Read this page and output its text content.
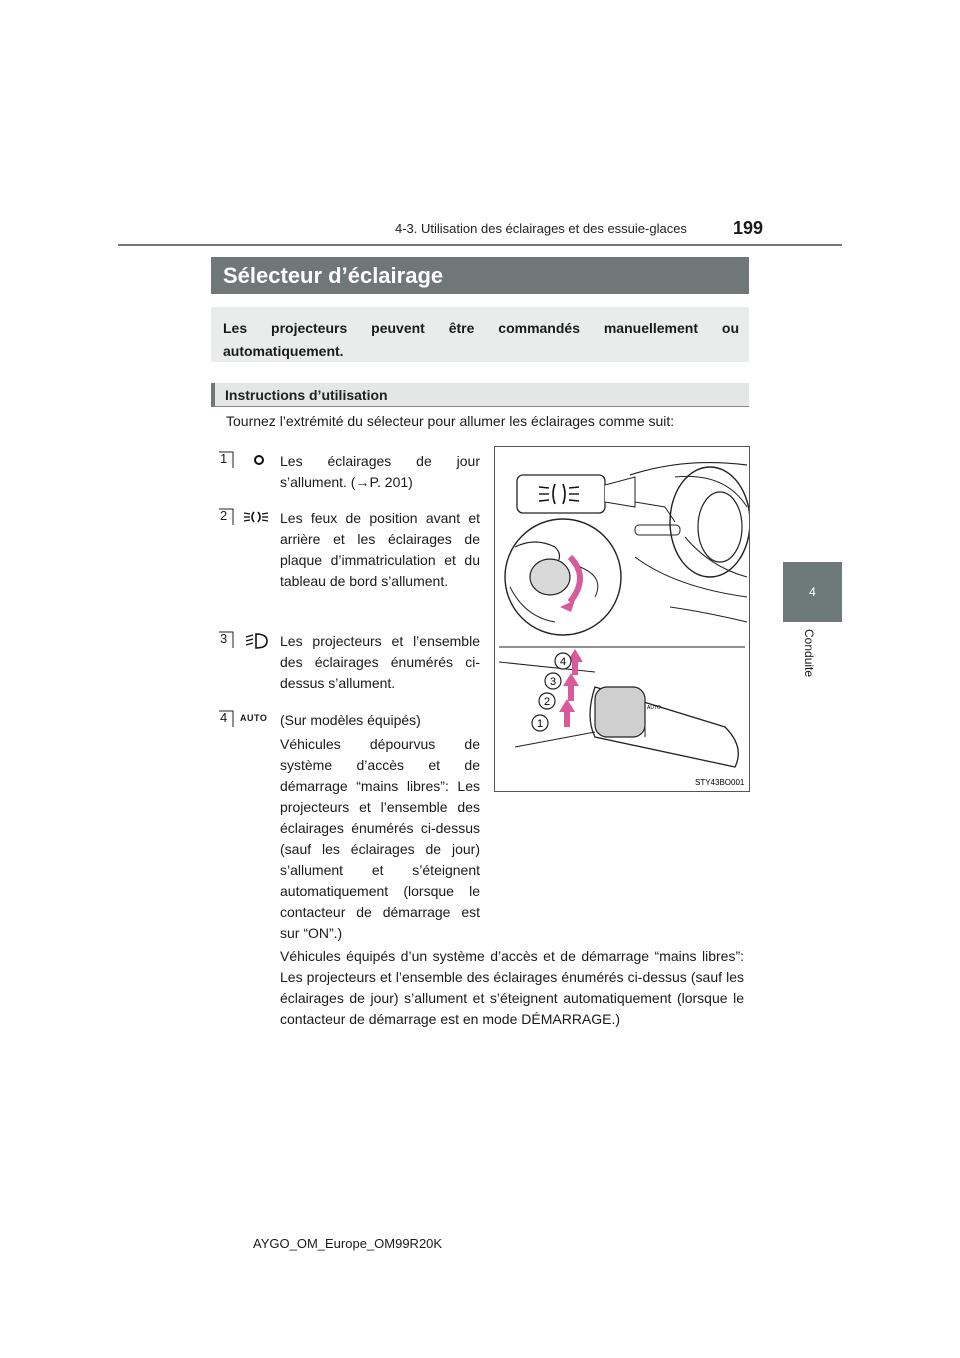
4-3. Utilisation des éclairages et des essuie-glaces	199
4
Conduite
Sélecteur d’éclairage
Les projecteurs peuvent être commandés manuellement ou automatiquement.
Instructions d’utilisation
Tournez l’extrémité du sélecteur pour allumer les éclairages comme suit:
1	Les éclairages de jour s’allument. (→P. 201)
2	Les feux de position avant et arrière et les éclairages de plaque d’immatriculation et du tableau de bord s’allument.
3	Les projecteurs et l’ensemble des éclairages énumérés ci-dessus s’allument.
4 AUTO (Sur modèles équipés)
Véhicules dépourvus de système d’accès et de démarrage “mains libres”: Les projecteurs et l’ensemble des éclairages énumérés ci-dessus (sauf les éclairages de jour) s’allument et s’éteignent automatiquement (lorsque le contacteur de démarrage est sur “ON”.)
Véhicules équipés d’un système d’accès et de démarrage “mains libres”: Les projecteurs et l’ensemble des éclairages énumérés ci-dessus (sauf les éclairages de jour) s’allument et s’éteignent automatiquement (lorsque le contacteur de démarrage est en mode DÉMARRAGE.)
4
3
2
1
AUTO
STY43BO001
AYGO_OM_Europe_OM99R20K
